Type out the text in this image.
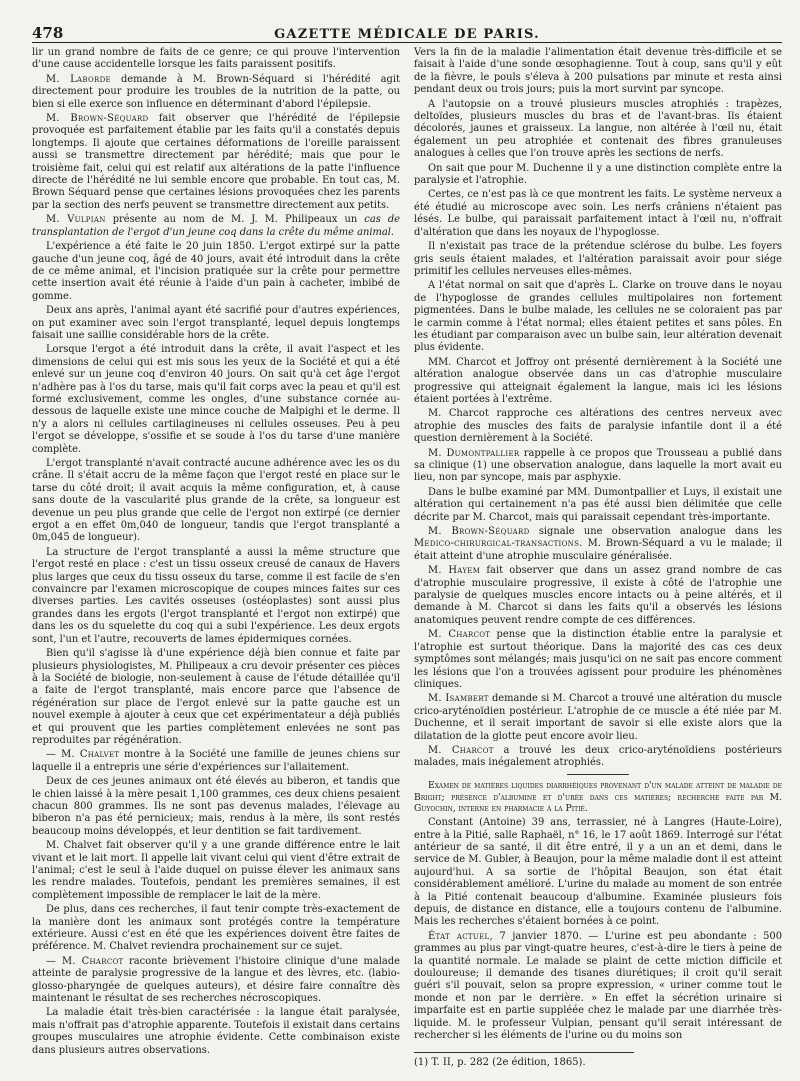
478	GAZETTE MÉDICALE DE PARIS.

lir un grand nombre de faits de ce genre; ce qui prouve l'intervention d'une cause accidentelle lorsque les faits paraissent positifs.

M. Laborde demande à M. Brown-Séquard si l'hérédité agit directement pour produire les troubles de la nutrition de la patte, ou bien si elle exerce son influence en déterminant d'abord l'épilepsie.

M. Brown-Séquard fait observer que l'hérédité de l'épilepsie provoquée est parfaitement établie par les faits qu'il a constatés depuis longtemps. Il ajoute que certaines déformations de l'oreille paraissent aussi se transmettre directement par hérédité; mais que pour le troisième fait, celui qui est relatif aux altérations de la patte l'influence directe de l'hérédité ne lui semble encore que probable. En tout cas, M. Brown Séquard pense que certaines lésions provoquées chez les parents par la section des nerfs peuvent se transmettre directement aux petits.

M. Vulpian présente au nom de M. J. M. Philipeaux un cas de transplantation de l'ergot d'un jeune coq dans la crête du même animal.

L'expérience a été faite le 20 juin 1850. L'ergot extirpé sur la patte gauche d'un jeune coq, âgé de 40 jours, avait été introduit dans la crête de ce même animal, et l'incision pratiquée sur la crête pour permettre cette insertion avait été réunie à l'aide d'un pain à cacheter, imbibé de gomme.

Deux ans après, l'animal ayant été sacrifié pour d'autres expériences, on put examiner avec soin l'ergot transplanté, lequel depuis longtemps faisait une saillie considérable hors de la crête.

Lorsque l'ergot a été introduit dans la crête, il avait l'aspect et les dimensions de celui qui est mis sous les yeux de la Société et qui a été enlevé sur un jeune coq d'environ 40 jours. On sait qu'à cet âge l'ergot n'adhère pas à l'os du tarse, mais qu'il fait corps avec la peau et qu'il est formé exclusivement, comme les ongles, d'une substance cornée au-dessous de laquelle existe une mince couche de Malpighi et le derme. Il n'y a alors ni cellules cartilagineuses ni cellules osseuses. Peu à peu l'ergot se développe, s'ossifie et se soude à l'os du tarse d'une manière complète.

L'ergot transplanté n'avait contracté aucune adhérence avec les os du crâne. Il s'était accru de la même façon que l'ergot resté en place sur le tarse du côté droit; il avait acquis la même configuration, et, à cause sans doute de la vascularité plus grande de la crête, sa longueur est devenue un peu plus grande que celle de l'ergot non extirpé (ce dernier ergot a en effet 0m,040 de longueur, tandis que l'ergot transplanté a 0m,045 de longueur).

La structure de l'ergot transplanté a aussi la même structure que l'ergot resté en place : c'est un tissu osseux creusé de canaux de Havers plus larges que ceux du tissu osseux du tarse, comme il est facile de s'en convaincre par l'examen microscopique de coupes minces faites sur ces diverses parties. Les cavités osseuses (ostéoplastes) sont aussi plus grandes dans les ergots (l'ergot transplanté et l'ergot non extirpé) que dans les os du squelette du coq qui a subi l'expérience. Les deux ergots sont, l'un et l'autre, recouverts de lames épidermiques cornées.

Bien qu'il s'agisse là d'une expérience déjà bien connue et faite par plusieurs physiologistes, M. Philipeaux a cru devoir présenter ces pièces à la Société de biologie, non-seulement à cause de l'étude détaillée qu'il a faite de l'ergot transplanté, mais encore parce que l'absence de régénération sur place de l'ergot enlevé sur la patte gauche est un nouvel exemple à ajouter à ceux que cet expérimentateur a déjà publiés et qui prouvent que les parties complètement enlevées ne sont pas reproduites par régénération.

— M. Chalvet montre à la Société une famille de jeunes chiens sur laquelle il a entrepris une série d'expériences sur l'allaitement.

Deux de ces jeunes animaux ont été élevés au biberon, et tandis que le chien laissé à la mère pesait 1,100 grammes, ces deux chiens pesaient chacun 800 grammes. Ils ne sont pas devenus malades, l'élevage au biberon n'a pas été pernicieux; mais, rendus à la mère, ils sont restés beaucoup moins développés, et leur dentition se fait tardivement.

M. Chalvet fait observer qu'il y a une grande différence entre le lait vivant et le lait mort. Il appelle lait vivant celui qui vient d'être extrait de l'animal; c'est le seul à l'aide duquel on puisse élever les animaux sans les rendre malades. Toutefois, pendant les premières semaines, il est complètement impossible de remplacer le lait de la mère.

De plus, dans ces recherches, il faut tenir compte très-exactement de la manière dont les animaux sont protégés contre la température extérieure. Aussi c'est en été que les expériences doivent être faites de préférence. M. Chalvet reviendra prochainement sur ce sujet.

— M. Charcot raconte brièvement l'histoire clinique d'une malade atteinte de paralysie progressive de la langue et des lèvres, etc. (labio-glosso-pharyngée de quelques auteurs), et désire faire connaître dès maintenant le résultat de ses recherches nécroscopiques.

La maladie était très-bien caractérisée : la langue était paralysée, mais n'offrait pas d'atrophie apparente. Toutefois il existait dans certains groupes musculaires une atrophie évidente. Cette combinaison existe dans plusieurs autres observations.

Vers la fin de la maladie l'alimentation était devenue très-difficile et se faisait à l'aide d'une sonde œsophagienne. Tout à coup, sans qu'il y eût de la fièvre, le pouls s'éleva à 200 pulsations par minute et resta ainsi pendant deux ou trois jours; puis la mort survint par syncope.

A l'autopsie on a trouvé plusieurs muscles atrophiés : trapèzes, deltoïdes, plusieurs muscles du bras et de l'avant-bras. Ils étaient décolorés, jaunes et graisseux. La langue, non altérée à l'œil nu, était également un peu atrophiée et contenait des fibres granuleuses analogues à celles que l'on trouve après les sections de nerfs.

On sait que pour M. Duchenne il y a une distinction complète entre la paralysie et l'atrophie.

Certes, ce n'est pas là ce que montrent les faits. Le système nerveux a été étudié au microscope avec soin. Les nerfs crâniens n'étaient pas lésés. Le bulbe, qui paraissait parfaitement intact à l'œil nu, n'offrait d'altération que dans les noyaux de l'hypoglosse.

Il n'existait pas trace de la prétendue sclérose du bulbe. Les foyers gris seuls étaient malades, et l'altération paraissait avoir pour siége primitif les cellules nerveuses elles-mêmes.

A l'état normal on sait que d'après L. Clarke on trouve dans le noyau de l'hypoglosse de grandes cellules multipolaires non fortement pigmentées. Dans le bulbe malade, les cellules ne se coloraient pas par le carmin comme à l'état normal; elles étaient petites et sans pôles. En les étudiant par comparaison avec un bulbe sain, leur altération devenait plus évidente.

MM. Charcot et Joffroy ont présenté dernièrement à la Société une altération analogue observée dans un cas d'atrophie musculaire progressive qui atteignait également la langue, mais ici les lésions étaient portées à l'extrême.

M. Charcot rapproche ces altérations des centres nerveux avec atrophie des muscles des faits de paralysie infantile dont il a été question dernièrement à la Société.

M. Dumontpallier rappelle à ce propos que Trousseau a publié dans sa clinique (1) une observation analogue, dans laquelle la mort avait eu lieu, non par syncope, mais par asphyxie.

Dans le bulbe examiné par MM. Dumontpallier et Luys, il existait une altération qui certainement n'a pas été aussi bien délimitée que celle décrite par M. Charcot, mais qui paraissait cependant très-importante.

M. Brown-Séquard signale une observation analogue dans les Medico-chirurgical-transactions. M. Brown-Séquard a vu le malade; il était atteint d'une atrophie musculaire généralisée.

M. Hayem fait observer que dans un assez grand nombre de cas d'atrophie musculaire progressive, il existe à côté de l'atrophie une paralysie de quelques muscles encore intacts ou à peine altérés, et il demande à M. Charcot si dans les faits qu'il a observés les lésions anatomiques peuvent rendre compte de ces différences.

M. Charcot pense que la distinction établie entre la paralysie et l'atrophie est surtout théorique. Dans la majorité des cas ces deux symptômes sont mélangés; mais jusqu'ici on ne sait pas encore comment les lésions que l'on a trouvées agissent pour produire les phénomènes cliniques.

M. Isambert demande si M. Charcot a trouvé une altération du muscle crico-aryténoïdien postérieur. L'atrophie de ce muscle a été niée par M. Duchenne, et il serait important de savoir si elle existe alors que la dilatation de la glotte peut encore avoir lieu.

M. Charcot a trouvé les deux crico-aryténoïdiens postérieurs malades, mais inégalement atrophiés.

Examen de matières liquides diarrhéiques provenant d'un malade atteint de maladie de Bright; présence d'albumine et d'urée dans ces matières; recherche faite par M. Guyochin, interne en pharmacie à la Pitié.

Constant (Antoine) 39 ans, terrassier, né à Langres (Haute-Loire), entre à la Pitié, salle Raphaël, n° 16, le 17 août 1869. Interrogé sur l'état antérieur de sa santé, il dit être entré, il y a un an et demi, dans le service de M. Gubler, à Beaujon, pour la même maladie dont il est atteint aujourd'hui. A sa sortie de l'hôpital Beaujon, son état était considérablement amélioré. L'urine du malade au moment de son entrée à la Pitié contenait beaucoup d'albumine. Examinée plusieurs fois depuis, de distance en distance, elle a toujours contenu de l'albumine. Mais les recherches s'étaient bornées à ce point.

État actuel, 7 janvier 1870. — L'urine est peu abondante : 500 grammes au plus par vingt-quatre heures, c'est-à-dire le tiers à peine de la quantité normale. Le malade se plaint de cette miction difficile et douloureuse; il demande des tisanes diurétiques; il croit qu'il serait guéri s'il pouvait, selon sa propre expression, « uriner comme tout le monde et non par le derrière. » En effet la sécrétion urinaire si imparfaite est en partie suppléée chez le malade par une diarrhée très-liquide. M. le professeur Vulpian, pensant qu'il serait intéressant de rechercher si les éléments de l'urine ou du moins son

(1) T. II, p. 282 (2e édition, 1865).
